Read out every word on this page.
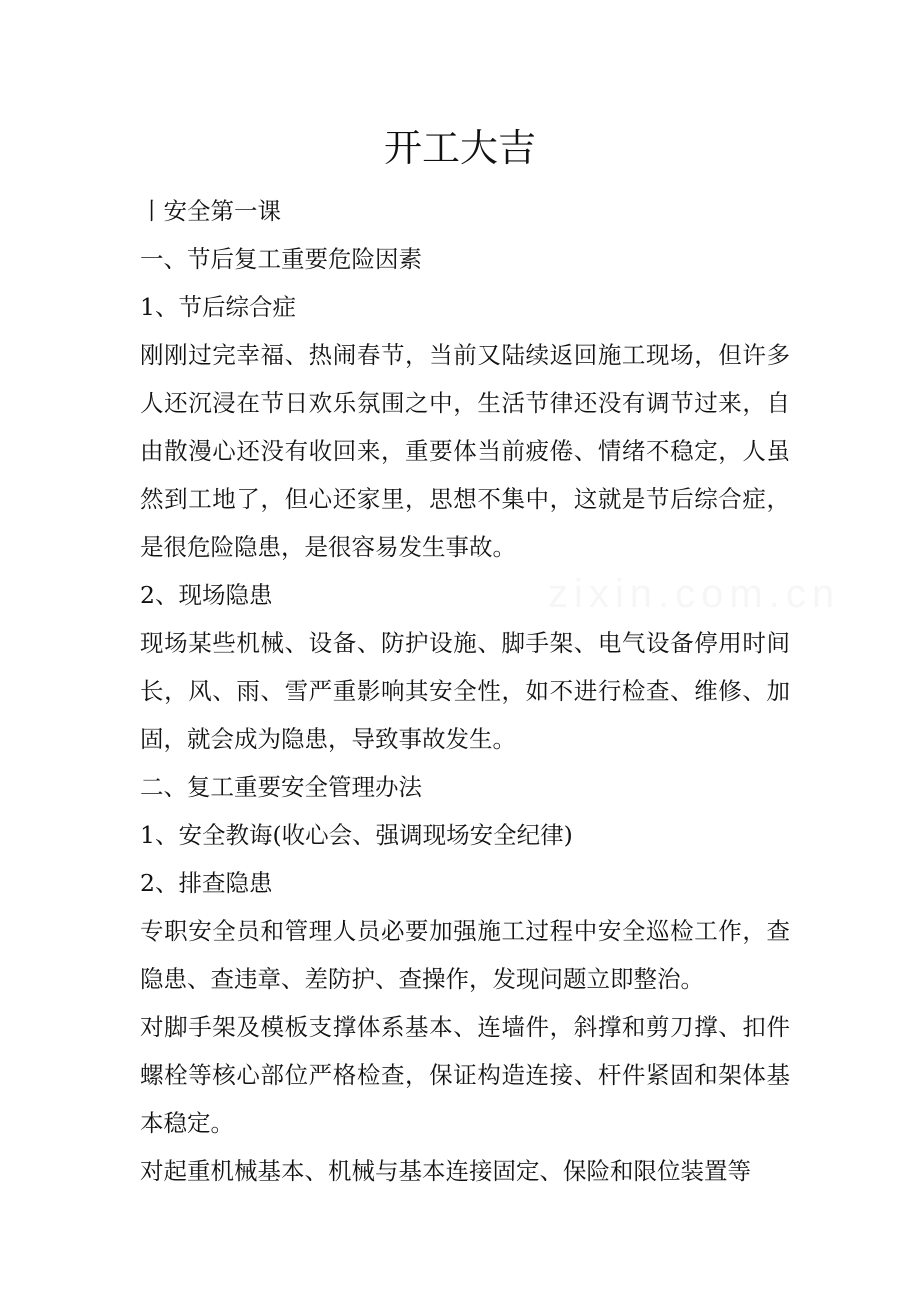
开工大吉

丨安全第一课

一、节后复工重要危险因素

1、节后综合症

刚刚过完幸福、热闹春节，当前又陆续返回施工现场，但许多人还沉浸在节日欢乐氛围之中，生活节律还没有调节过来，自由散漫心还没有收回来，重要体当前疲倦、情绪不稳定，人虽然到工地了，但心还家里，思想不集中，这就是节后综合症，是很危险隐患，是很容易发生事故。

2、现场隐患

现场某些机械、设备、防护设施、脚手架、电气设备停用时间长，风、雨、雪严重影响其安全性，如不进行检查、维修、加固，就会成为隐患，导致事故发生。

二、复工重要安全管理办法

1、安全教诲(收心会、强调现场安全纪律)

2、排查隐患

专职安全员和管理人员必要加强施工过程中安全巡检工作，查隐患、查违章、差防护、查操作，发现问题立即整治。

对脚手架及模板支撑体系基本、连墙件，斜撑和剪刀撑、扣件螺栓等核心部位严格检查，保证构造连接、杆件紧固和架体基本稳定。

对起重机械基本、机械与基本连接固定、保险和限位装置等
